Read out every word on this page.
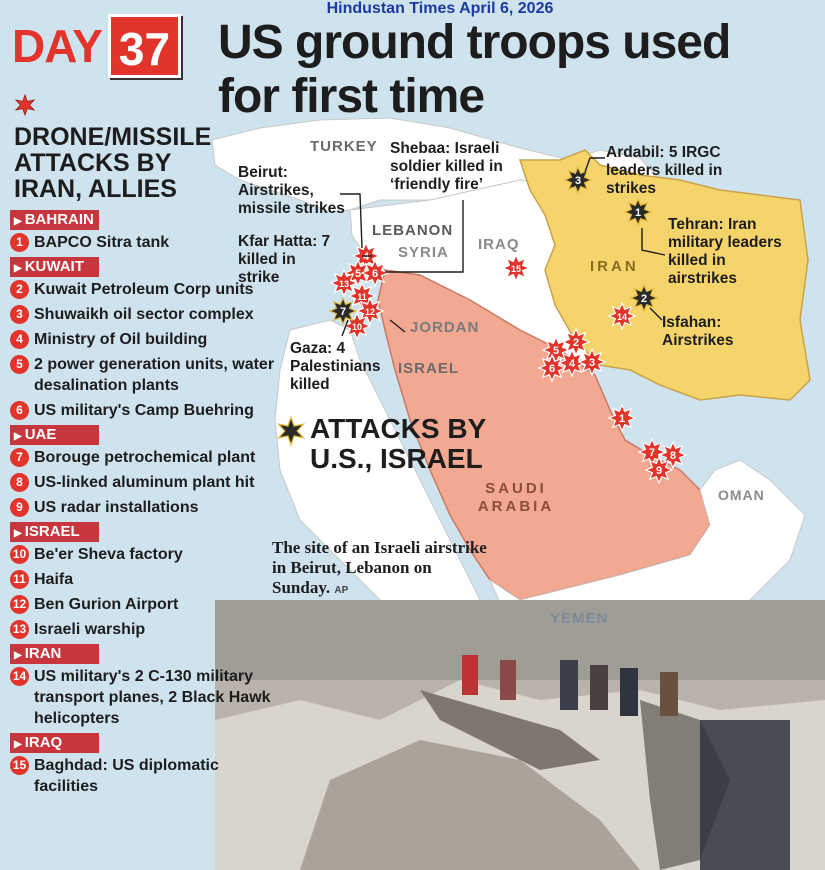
4
5 6
11
12
13
10
15
14
1
5
2
6 4 3
7 8
9
3
1
2
7
Hindustan Times April 6, 2026
DAY 37 US ground troops used
for first time
DRONE/MISSILE
ATTACKS BY
IRAN, ALLIES
▶ BAHRAIN
1 BAPCO Sitra tank
▶ KUWAIT
2 Kuwait Petroleum Corp units
3 Shuwaikh oil sector complex
4 Ministry of Oil building
5 2 power generation units, water desalination plants
6 US military's Camp Buehring
▶ UAE
7 Borouge petrochemical plant
8 US-linked aluminum plant hit
9 US radar installations
▶ ISRAEL
10 Be'er Sheva factory
11 Haifa
12 Ben Gurion Airport
13 Israeli warship
▶ IRAN
14 US military's 2 C-130 military transport planes, 2 Black Hawk helicopters
▶ IRAQ
15 Baghdad: US diplomatic facilities
TURKEY
LEBANON
SYRIA IRAQ
IRAN
JORDAN
ISRAEL
SAUDI
ARABIA
OMAN
YEMEN
Beirut: Airstrikes, missile strikes
Shebaa: Israeli soldier killed in ‘friendly fire’
Ardabil: 5 IRGC leaders killed in strikes
Tehran: Iran military leaders killed in airstrikes
Kfar Hatta: 7 killed in strike
Gaza: 4 Palestinians killed
Isfahan: Airstrikes
ATTACKS BY
U.S., ISRAEL
The site of an Israeli airstrike in Beirut, Lebanon on Sunday. AP
